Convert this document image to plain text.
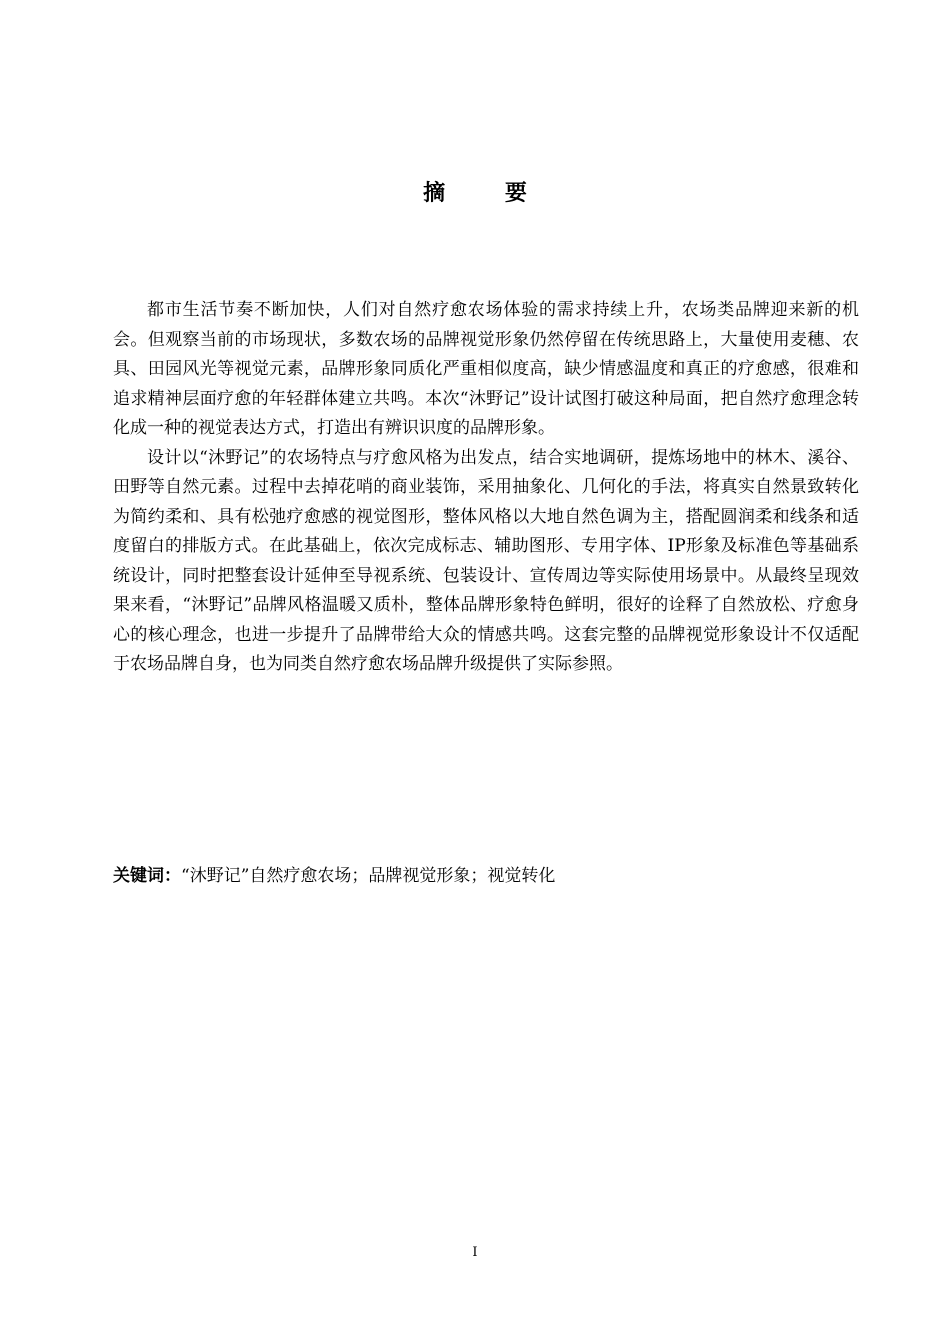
摘 要

都市生活节奏不断加快，人们对自然疗愈农场体验的需求持续上升，农场类品牌迎来新的机会。但观察当前的市场现状，多数农场的品牌视觉形象仍然停留在传统思路上，大量使用麦穗、农具、田园风光等视觉元素，品牌形象同质化严重相似度高，缺少情感温度和真正的疗愈感，很难和追求精神层面疗愈的年轻群体建立共鸣。本次“沐野记”设计试图打破这种局面，把自然疗愈理念转化成一种的视觉表达方式，打造出有辨识识度的品牌形象。

设计以“沐野记”的农场特点与疗愈风格为出发点，结合实地调研，提炼场地中的林木、溪谷、田野等自然元素。过程中去掉花哨的商业装饰，采用抽象化、几何化的手法，将真实自然景致转化为简约柔和、具有松弛疗愈感的视觉图形，整体风格以大地自然色调为主，搭配圆润柔和线条和适度留白的排版方式。在此基础上，依次完成标志、辅助图形、专用字体、IP形象及标准色等基础系统设计，同时把整套设计延伸至导视系统、包装设计、宣传周边等实际使用场景中。从最终呈现效果来看，“沐野记”品牌风格温暖又质朴，整体品牌形象特色鲜明，很好的诠释了自然放松、疗愈身心的核心理念，也进一步提升了品牌带给大众的情感共鸣。这套完整的品牌视觉形象设计不仅适配于农场品牌自身，也为同类自然疗愈农场品牌升级提供了实际参照。

关键词：“沐野记”自然疗愈农场；品牌视觉形象；视觉转化
I
